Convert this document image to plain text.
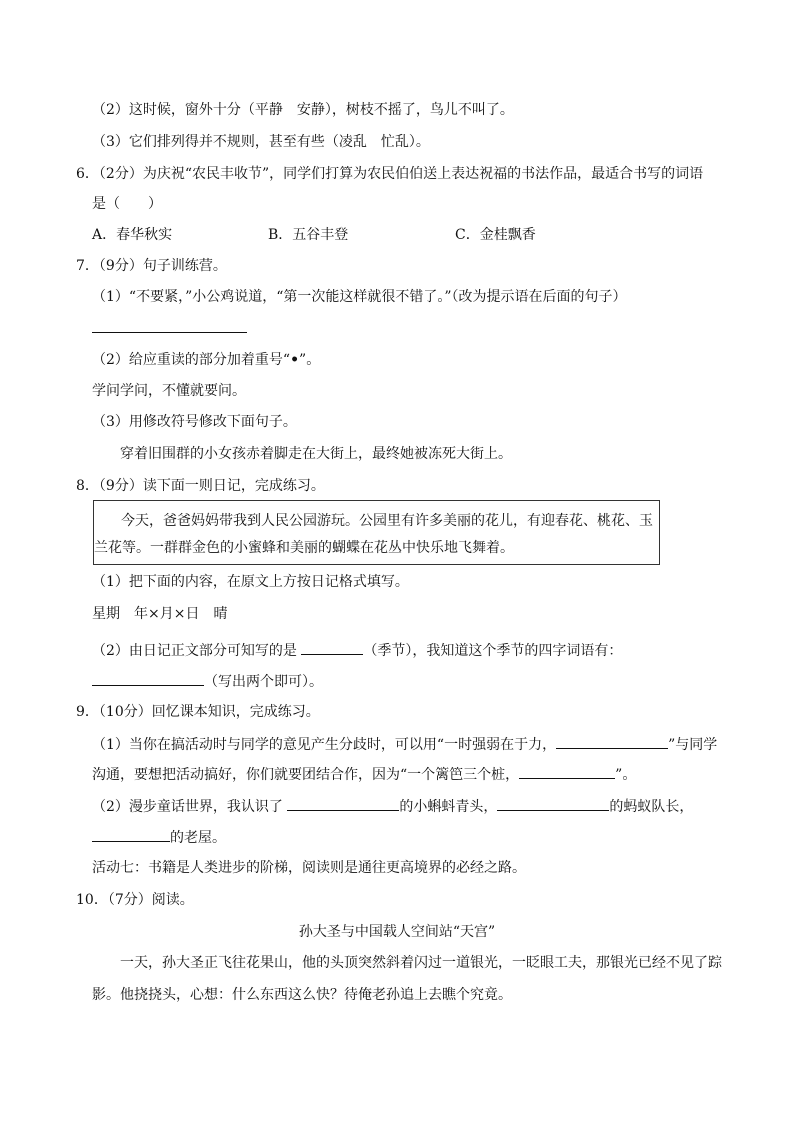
（2）这时候，窗外十分（平静　安静），树枝不摇了，鸟儿不叫了。
（3）它们排列得并不规则，甚至有些（凌乱　忙乱）。
6．（2分）为庆祝“农民丰收节”，同学们打算为农民伯伯送上表达祝福的书法作品，最适合书写的词语
是（　　）
A．春华秋实	B．五谷丰登	C．金桂飘香
7．（9分）句子训练营。
（1）“不要紧，”小公鸡说道，“第一次能这样就很不错了。”（改为提示语在后面的句子）
（2）给应重读的部分加着重号“•”。
学问学问，不懂就要问。
（3）用修改符号修改下面句子。
穿着旧围群的小女孩赤着脚走在大街上，最终她被冻死大街上。
8．（9分）读下面一则日记，完成练习。
今天，爸爸妈妈带我到人民公园游玩。公园里有许多美丽的花儿，有迎春花、桃花、玉
兰花等。一群群金色的小蜜蜂和美丽的蝴蝶在花丛中快乐地飞舞着。
（1）把下面的内容，在原文上方按日记格式填写。
星期　年×月×日　晴
（2）由日记正文部分可知写的是	（季节），我知道这个季节的四字词语有：
（写出两个即可）。
9．（10分）回忆课本知识，完成练习。
（1）当你在搞活动时与同学的意见产生分歧时，可以用“一时强弱在于力，	”与同学
沟通，要想把活动搞好，你们就要团结合作，因为“一个篱笆三个桩，	”。
（2）漫步童话世界，我认识了	的小蝌蚪青头，	的蚂蚁队长，
的老屋。
活动七：书籍是人类进步的阶梯，阅读则是通往更高境界的必经之路。
10．（7分）阅读。
孙大圣与中国载人空间站“天宫”
一天，孙大圣正飞往花果山，他的头顶突然斜着闪过一道银光，一眨眼工夫，那银光已经不见了踪
影。他挠挠头，心想：什么东西这么快？待俺老孙追上去瞧个究竟。
